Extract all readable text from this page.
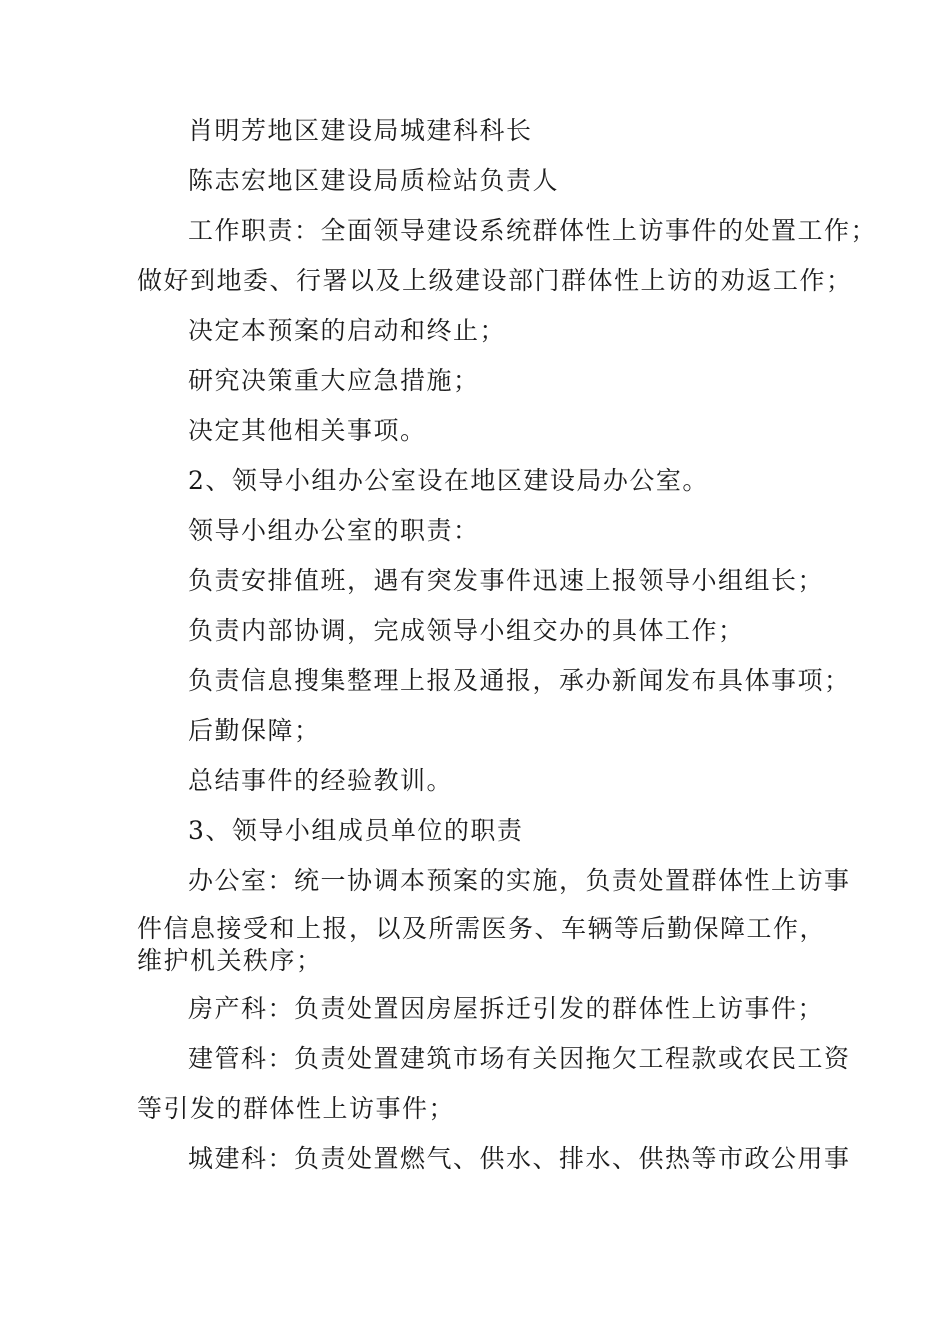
肖明芳地区建设局城建科科长
陈志宏地区建设局质检站负责人
工作职责：全面领导建设系统群体性上访事件的处置工作；
做好到地委、行署以及上级建设部门群体性上访的劝返工作；
决定本预案的启动和终止；
研究决策重大应急措施；
决定其他相关事项。
2、领导小组办公室设在地区建设局办公室。
领导小组办公室的职责：
负责安排值班，遇有突发事件迅速上报领导小组组长；
负责内部协调，完成领导小组交办的具体工作；
负责信息搜集整理上报及通报，承办新闻发布具体事项；
后勤保障；
总结事件的经验教训。
3、领导小组成员单位的职责
办公室：统一协调本预案的实施，负责处置群体性上访事
件信息接受和上报，以及所需医务、车辆等后勤保障工作，
维护机关秩序；
房产科：负责处置因房屋拆迁引发的群体性上访事件；
建管科：负责处置建筑市场有关因拖欠工程款或农民工资
等引发的群体性上访事件；
城建科：负责处置燃气、供水、排水、供热等市政公用事
